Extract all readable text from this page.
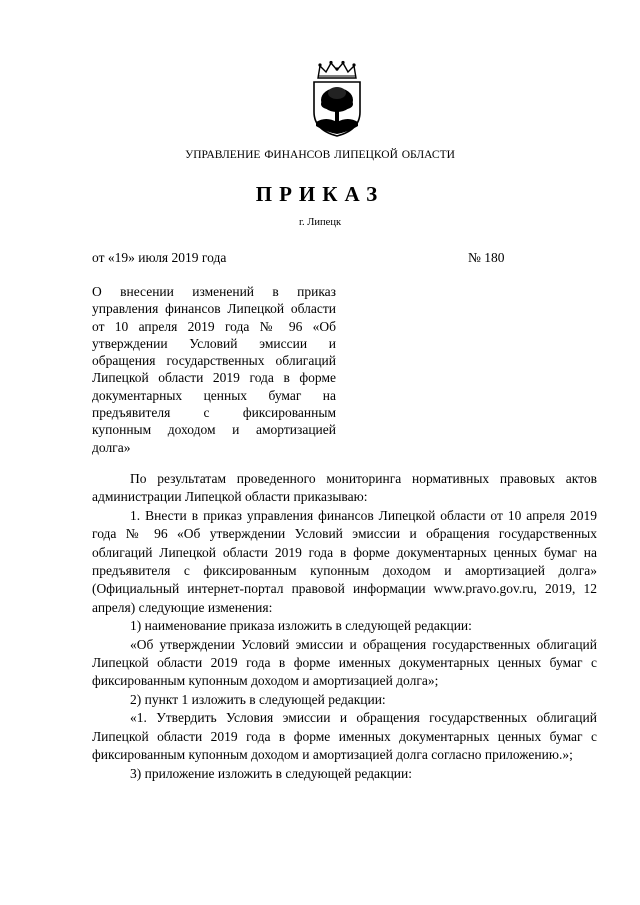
УПРАВЛЕНИЕ ФИНАНСОВ ЛИПЕЦКОЙ ОБЛАСТИ
ПРИКАЗ
г. Липецк
от «19» июля 2019 года	№ 180
О внесении изменений в приказ управления финансов Липецкой области от 10 апреля 2019 года № 96 «Об утверждении Условий эмиссии и обращения государственных облигаций Липецкой области 2019 года в форме документарных ценных бумаг на предъявителя с фиксированным купонным доходом и амортизацией долга»

По результатам проведенного мониторинга нормативных правовых актов администрации Липецкой области приказываю:

1. Внести в приказ управления финансов Липецкой области от 10 апреля 2019 года № 96 «Об утверждении Условий эмиссии и обращения государственных облигаций Липецкой области 2019 года в форме документарных ценных бумаг на предъявителя с фиксированным купонным доходом и амортизацией долга» (Официальный интернет-портал правовой информации www.pravo.gov.ru, 2019, 12 апреля) следующие изменения:

1) наименование приказа изложить в следующей редакции:

«Об утверждении Условий эмиссии и обращения государственных облигаций Липецкой области 2019 года в форме именных документарных ценных бумаг с фиксированным купонным доходом и амортизацией долга»;

2) пункт 1 изложить в следующей редакции:

«1. Утвердить Условия эмиссии и обращения государственных облигаций Липецкой области 2019 года в форме именных документарных ценных бумаг с фиксированным купонным доходом и амортизацией долга согласно приложению.»;

3) приложение изложить в следующей редакции:
